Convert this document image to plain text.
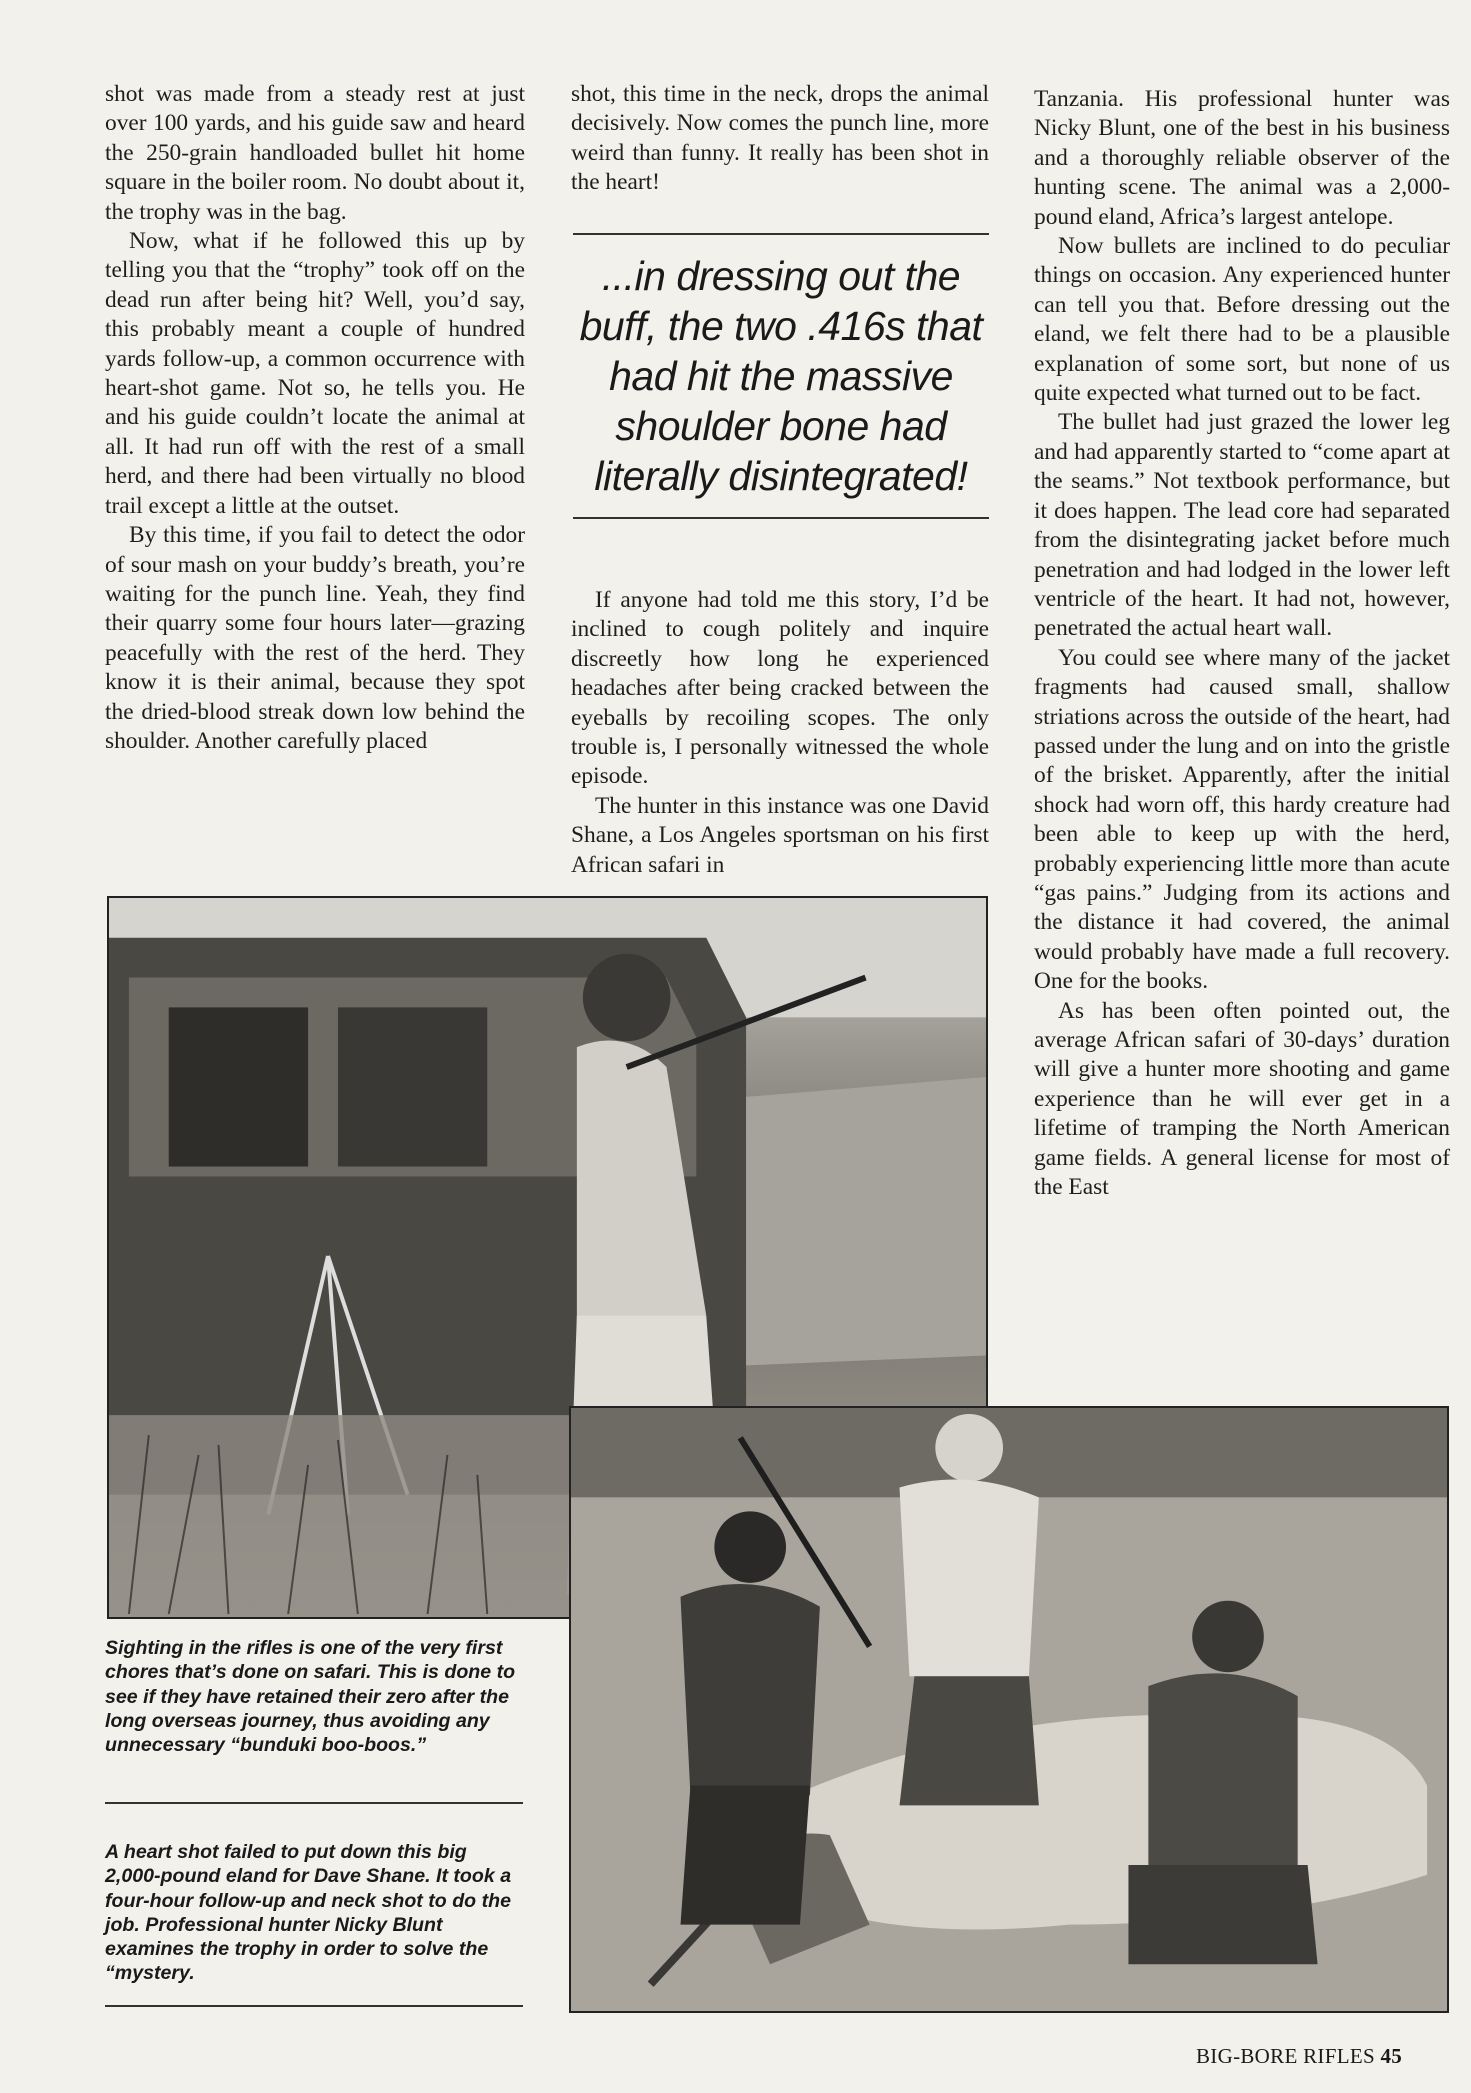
shot was made from a steady rest at just over 100 yards, and his guide saw and heard the 250-grain handloaded bullet hit home square in the boiler room. No doubt about it, the trophy was in the bag.

Now, what if he followed this up by telling you that the “trophy” took off on the dead run after being hit? Well, you’d say, this probably meant a couple of hundred yards follow-up, a common occurrence with heart-shot game. Not so, he tells you. He and his guide couldn’t locate the animal at all. It had run off with the rest of a small herd, and there had been virtually no blood trail except a little at the outset.

By this time, if you fail to detect the odor of sour mash on your buddy’s breath, you’re waiting for the punch line. Yeah, they find their quarry some four hours later—grazing peacefully with the rest of the herd. They know it is their animal, because they spot the dried-blood streak down low behind the shoulder. Another carefully placed

shot, this time in the neck, drops the animal decisively. Now comes the punch line, more weird than funny. It really has been shot in the heart!

...in dressing out the buff, the two .416s that had hit the massive shoulder bone had literally disintegrated!

If anyone had told me this story, I’d be inclined to cough politely and inquire discreetly how long he experienced headaches after being cracked between the eyeballs by recoiling scopes. The only trouble is, I personally witnessed the whole episode.

The hunter in this instance was one David Shane, a Los Angeles sportsman on his first African safari in

Tanzania. His professional hunter was Nicky Blunt, one of the best in his business and a thoroughly reliable observer of the hunting scene. The animal was a 2,000-pound eland, Africa’s largest antelope.

Now bullets are inclined to do peculiar things on occasion. Any experienced hunter can tell you that. Before dressing out the eland, we felt there had to be a plausible explanation of some sort, but none of us quite expected what turned out to be fact.

The bullet had just grazed the lower leg and had apparently started to “come apart at the seams.” Not textbook performance, but it does happen. The lead core had separated from the disintegrating jacket before much penetration and had lodged in the lower left ventricle of the heart. It had not, however, penetrated the actual heart wall.

You could see where many of the jacket fragments had caused small, shallow striations across the outside of the heart, had passed under the lung and on into the gristle of the brisket. Apparently, after the initial shock had worn off, this hardy creature had been able to keep up with the herd, probably experiencing little more than acute “gas pains.” Judging from its actions and the distance it had covered, the animal would probably have made a full recovery. One for the books.

As has been often pointed out, the average African safari of 30-days’ duration will give a hunter more shooting and game experience than he will ever get in a lifetime of tramping the North American game fields. A general license for most of the East

Sighting in the rifles is one of the very first chores that’s done on safari. This is done to see if they have retained their zero after the long overseas journey, thus avoiding any unnecessary “bunduki boo-boos.”
A heart shot failed to put down this big 2,000-pound eland for Dave Shane. It took a four-hour follow-up and neck shot to do the job. Professional hunter Nicky Blunt examines the trophy in order to solve the “mystery.
BIG-BORE RIFLES 45
